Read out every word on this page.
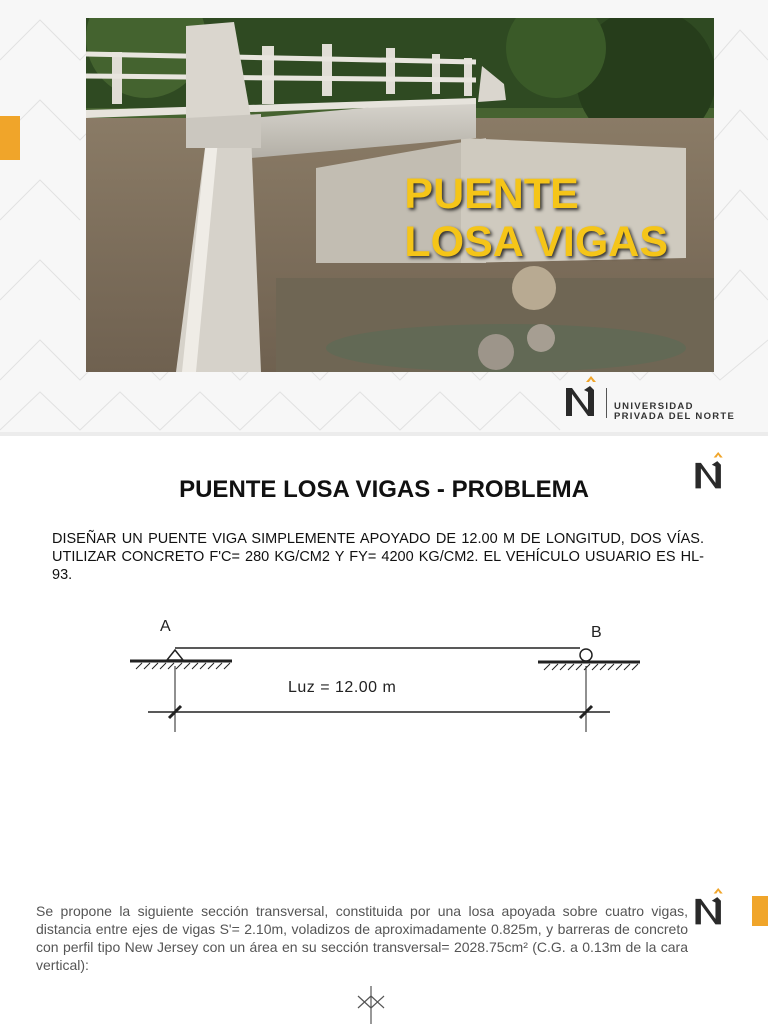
PUENTE
LOSA VIGAS
UNIVERSIDAD
PRIVADA DEL NORTE
PUENTE LOSA VIGAS - PROBLEMA
DISEÑAR UN PUENTE VIGA SIMPLEMENTE APOYADO DE 12.00 M DE LONGITUD, DOS VÍAS. UTILIZAR CONCRETO F'C= 280 KG/CM2 Y FY= 4200 KG/CM2. EL VEHÍCULO USUARIO ES HL-93.
A	B
Luz = 12.00 m
Se propone la siguiente sección transversal, constituida por una losa apoyada sobre cuatro vigas, distancia entre ejes de vigas S'= 2.10m, voladizos de aproximadamente 0.825m, y barreras de concreto con perfil tipo New Jersey con un área en su sección transversal= 2028.75cm² (C.G. a 0.13m de la cara vertical):
